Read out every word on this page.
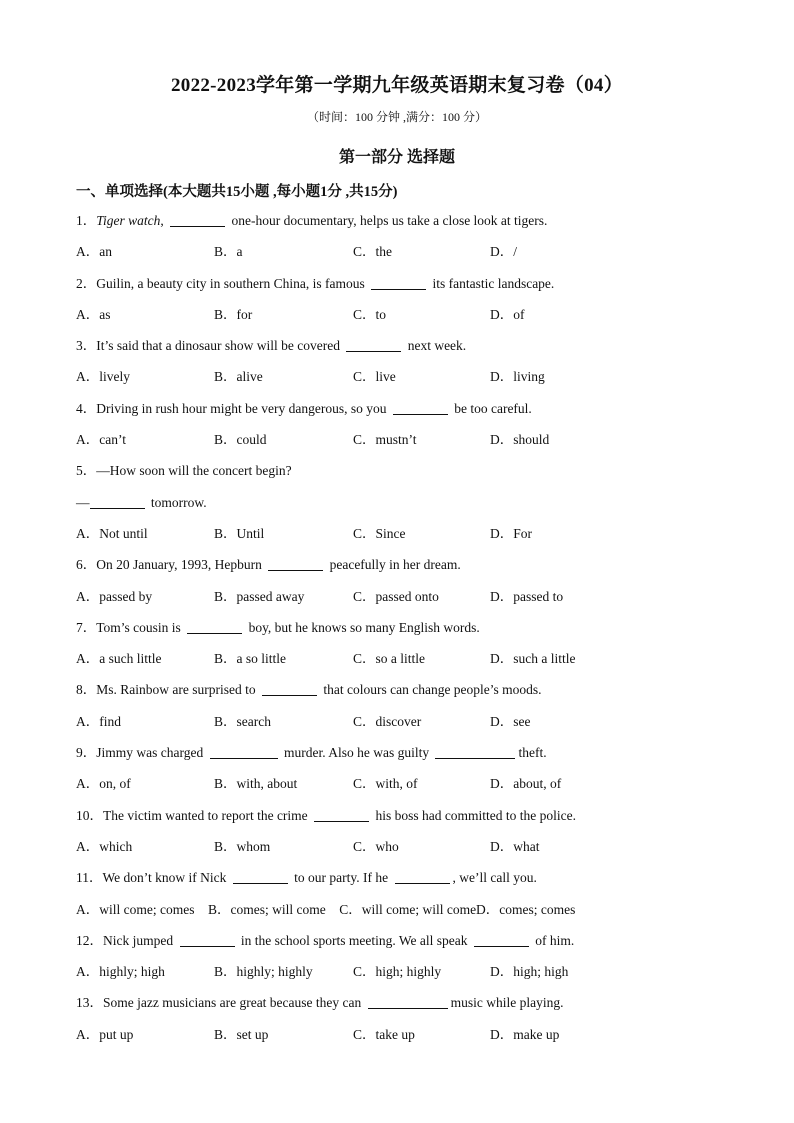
2022-2023学年第一学期九年级英语期末复习卷（04）
（时间：100 分钟 ,满分：100 分）
第一部分 选择题
一、单项选择(本大题共15小题 ,每小题1分 ,共15分)
1．Tiger watch,	one-hour documentary, helps us take a close look at tigers.
A．an	B．a	C．the	D．/
2．Guilin, a beauty city in southern China, is famous	its fantastic landscape.
A．as	B．for	C．to	D．of
3．It’s said that a dinosaur show will be covered	next week.
A．lively	B．alive	C．live	D．living
4．Driving in rush hour might be very dangerous, so you	be too careful.
A．can’t	B．could	C．mustn’t	D．should
5．—How soon will the concert begin?
—	tomorrow.
A．Not until	B．Until	C．Since	D．For
6．On 20 January, 1993, Hepburn	peacefully in her dream.
A．passed by	B．passed away	C．passed onto	D．passed to
7．Tom’s cousin is	boy, but he knows so many English words.
A．a such little	B．a so little	C．so a little	D．such a little
8．Ms. Rainbow are surprised to	that colours can change people’s moods.
A．find	B．search	C．discover	D．see
9．Jimmy was charged	murder. Also he was guilty	theft.
A．on, of	B．with, about	C．with, of	D．about, of
10．The victim wanted to report the crime	his boss had committed to the police.
A．which	B．whom	C．who	D．what
11．We don’t know if Nick	to our party. If he	, we’ll call you.
A．will come; comes    B．comes; will come    C．will come; will comeD．comes; comes
12．Nick jumped	in the school sports meeting. We all speak	of him.
A．highly; high	B．highly; highly	C．high; highly	D．high; high
13．Some jazz musicians are great because they can	music while playing.
A．put up	B．set up	C．take up	D．make up
